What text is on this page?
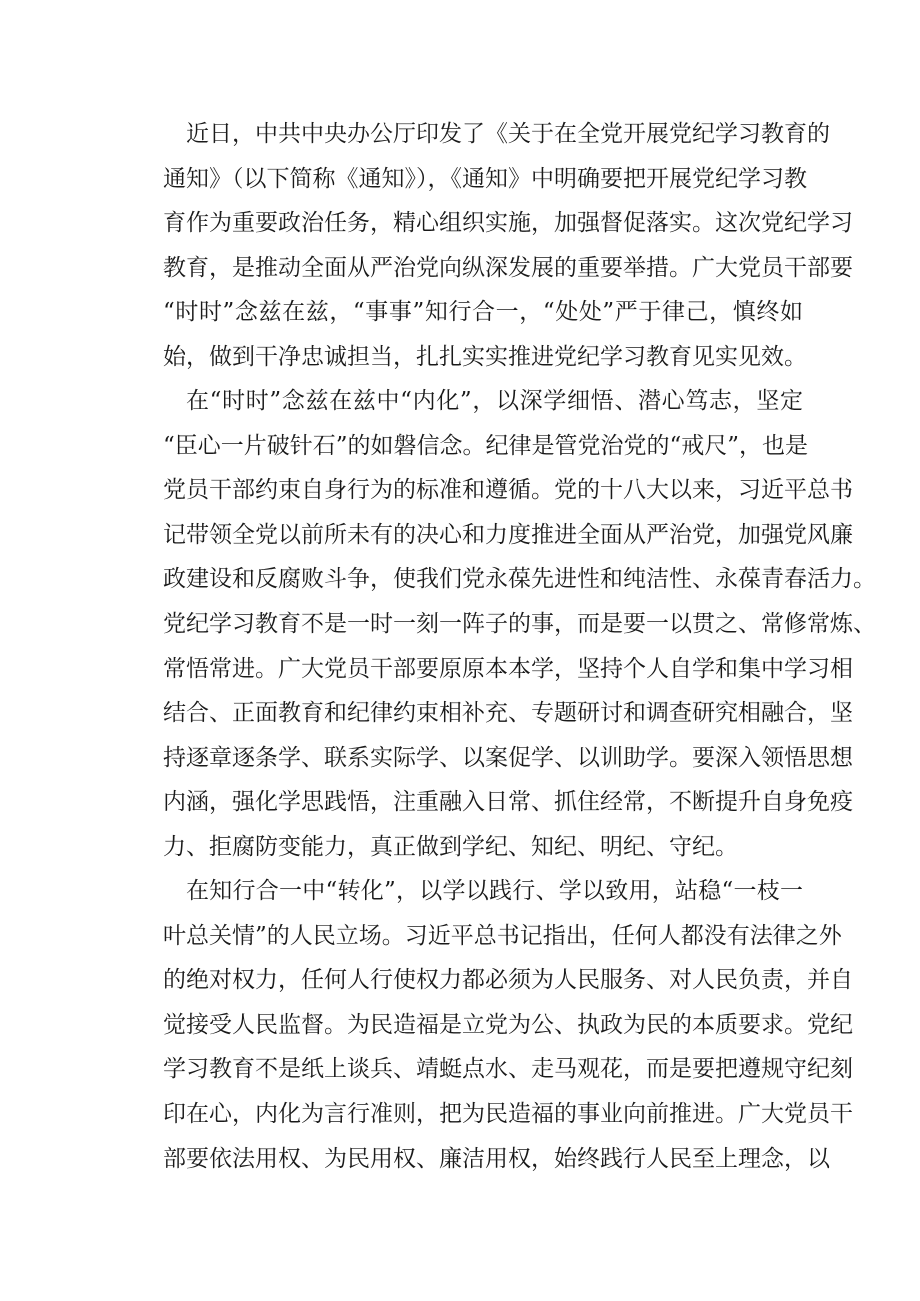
近日，中共中央办公厅印发了《关于在全党开展党纪学习教育的
通知》（以下简称《通知》），《通知》中明确要把开展党纪学习教
育作为重要政治任务，精心组织实施，加强督促落实。这次党纪学习
教育，是推动全面从严治党向纵深发展的重要举措。广大党员干部要
“时时”念兹在兹，“事事”知行合一，“处处”严于律己，慎终如
始，做到干净忠诚担当，扎扎实实推进党纪学习教育见实见效。
在“时时”念兹在兹中“内化”，以深学细悟、潜心笃志，坚定
“臣心一片破针石”的如磐信念。纪律是管党治党的“戒尺”，也是
党员干部约束自身行为的标准和遵循。党的十八大以来，习近平总书
记带领全党以前所未有的决心和力度推进全面从严治党，加强党风廉
政建设和反腐败斗争，使我们党永葆先进性和纯洁性、永葆青春活力。
党纪学习教育不是一时一刻一阵子的事，而是要一以贯之、常修常炼、
常悟常进。广大党员干部要原原本本学，坚持个人自学和集中学习相
结合、正面教育和纪律约束相补充、专题研讨和调查研究相融合，坚
持逐章逐条学、联系实际学、以案促学、以训助学。要深入领悟思想
内涵，强化学思践悟，注重融入日常、抓住经常，不断提升自身免疫
力、拒腐防变能力，真正做到学纪、知纪、明纪、守纪。
在知行合一中“转化”，以学以践行、学以致用，站稳“一枝一
叶总关情”的人民立场。习近平总书记指出，任何人都没有法律之外
的绝对权力，任何人行使权力都必须为人民服务、对人民负责，并自
觉接受人民监督。为民造福是立党为公、执政为民的本质要求。党纪
学习教育不是纸上谈兵、靖蜓点水、走马观花，而是要把遵规守纪刻
印在心，内化为言行准则，把为民造福的事业向前推进。广大党员干
部要依法用权、为民用权、廉洁用权，始终践行人民至上理念，以
